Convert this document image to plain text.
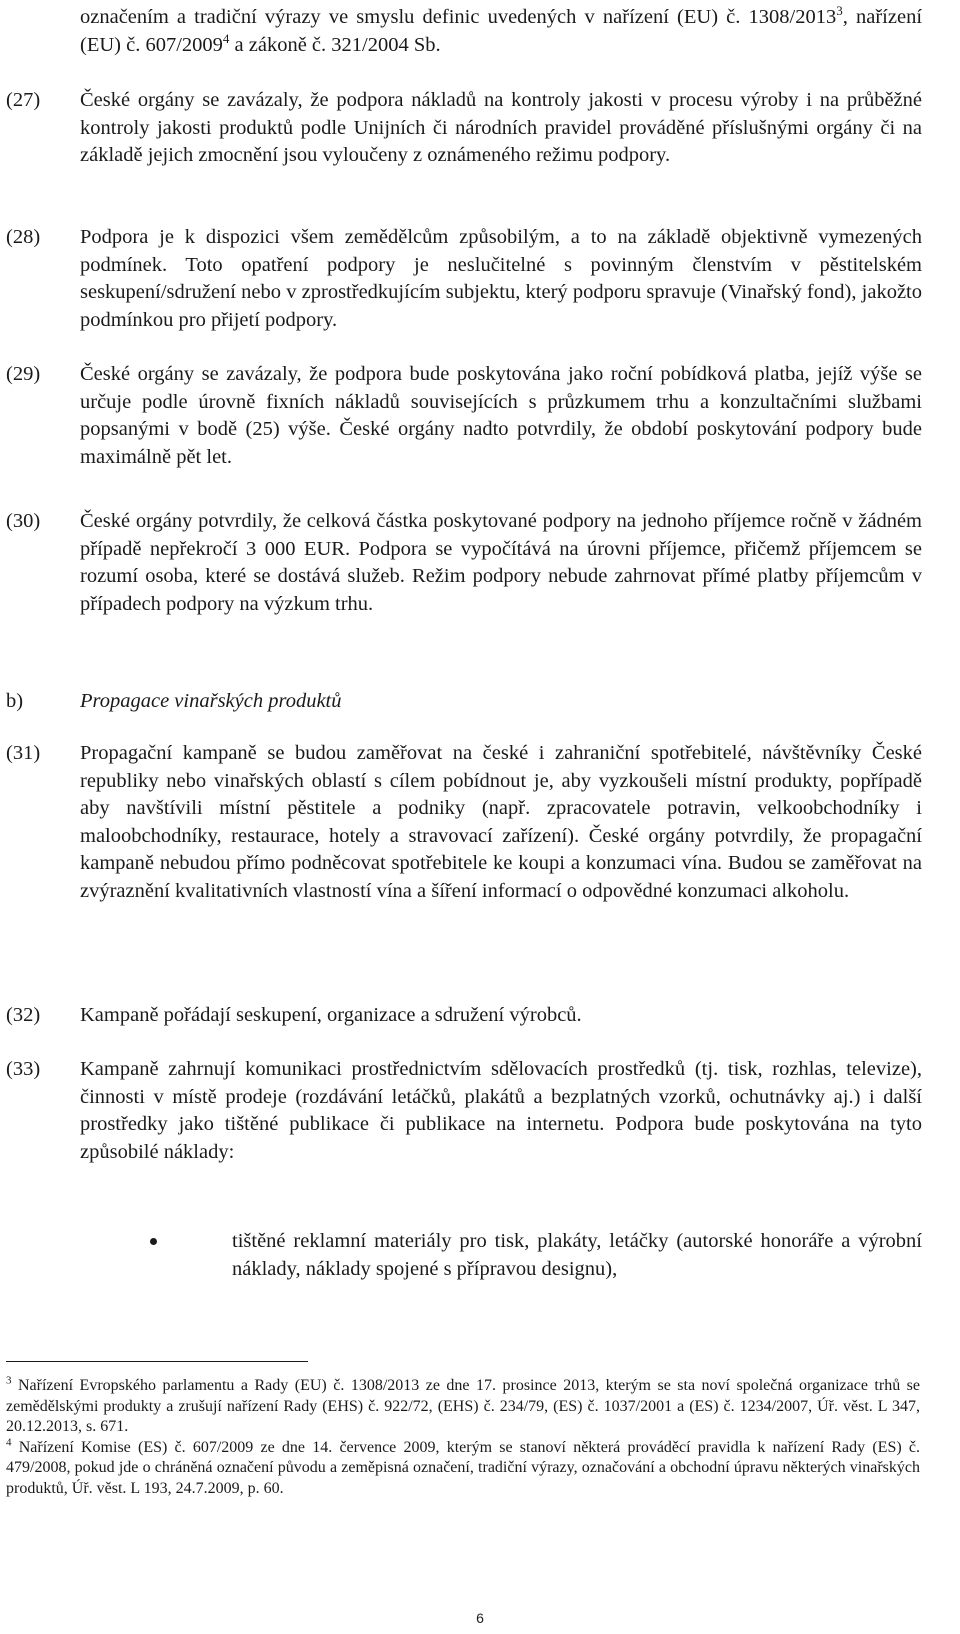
označením a tradiční výrazy ve smyslu definic uvedených v nařízení (EU) č. 1308/2013$^3$, nařízení (EU) č. 607/2009$^4$ a zákoně č. 321/2004 Sb.
(27)	České orgány se zavázaly, že podpora nákladů na kontroly jakosti v procesu výroby i na průběžné kontroly jakosti produktů podle Unijních či národních pravidel prováděné příslušnými orgány či na základě jejich zmocnění jsou vyloučeny z oznámeného režimu podpory.
(28)	Podpora je k dispozici všem zemědělcům způsobilým, a to na základě objektivně vymezených podmínek. Toto opatření podpory je neslučitelné s povinným členstvím v pěstitelském seskupení/sdružení nebo v zprostředkujícím subjektu, který podporu spravuje (Vinařský fond), jakožto podmínkou pro přijetí podpory.
(29)	České orgány se zavázaly, že podpora bude poskytována jako roční pobídková platba, jejíž výše se určuje podle úrovně fixních nákladů souvisejících s průzkumem trhu a konzultačními službami popsanými v bodě (25) výše. České orgány nadto potvrdily, že období poskytování podpory bude maximálně pět let.
(30)	České orgány potvrdily, že celková částka poskytované podpory na jednoho příjemce ročně v žádném případě nepřekročí 3 000 EUR. Podpora se vypočítává na úrovni příjemce, přičemž příjemcem se rozumí osoba, které se dostává služeb. Režim podpory nebude zahrnovat přímé platby příjemcům v případech podpory na výzkum trhu.
b)	Propagace vinařských produktů
(31)	Propagační kampaně se budou zaměřovat na české i zahraniční spotřebitelé, návštěvníky České republiky nebo vinařských oblastí s cílem pobídnout je, aby vyzkoušeli místní produkty, popřípadě aby navštívili místní pěstitele a podniky (např. zpracovatele potravin, velkoobchodníky i maloobchodníky, restaurace, hotely a stravovací zařízení). České orgány potvrdily, že propagační kampaně nebudou přímo podněcovat spotřebitele ke koupi a konzumaci vína. Budou se zaměřovat na zvýraznění kvalitativních vlastností vína a šíření informací o odpovědné konzumaci alkoholu.
(32)	Kampaně pořádají seskupení, organizace a sdružení výrobců.
(33)	Kampaně zahrnují komunikaci prostřednictvím sdělovacích prostředků (tj. tisk, rozhlas, televize), činnosti v místě prodeje (rozdávání letáčků, plakátů a bezplatných vzorků, ochutnávky aj.) i další prostředky jako tištěné publikace či publikace na internetu. Podpora bude poskytována na tyto způsobilé náklady:
tištěné reklamní materiály pro tisk, plakáty, letáčky (autorské honoráře a výrobní náklady, náklady spojené s přípravou designu),

$^3$ Nařízení Evropského parlamentu a Rady (EU) č. 1308/2013 ze dne 17. prosince 2013, kterým se sta noví společná organizace trhů se zemědělskými produkty a zrušují nařízení Rady (EHS) č. 922/72, (EHS) č. 234/79, (ES) č. 1037/2001 a (ES) č. 1234/2007, Úř. věst. L 347, 20.12.2013, s. 671.

$^4$ Nařízení Komise (ES) č. 607/2009 ze dne 14. července 2009, kterým se stanoví některá prováděcí pravidla k nařízení Rady (ES) č. 479/2008, pokud jde o chráněná označení původu a zeměpisná označení, tradiční výrazy, označování a obchodní úpravu některých vinařských produktů, Úř. věst. L 193, 24.7.2009, p. 60.

6
